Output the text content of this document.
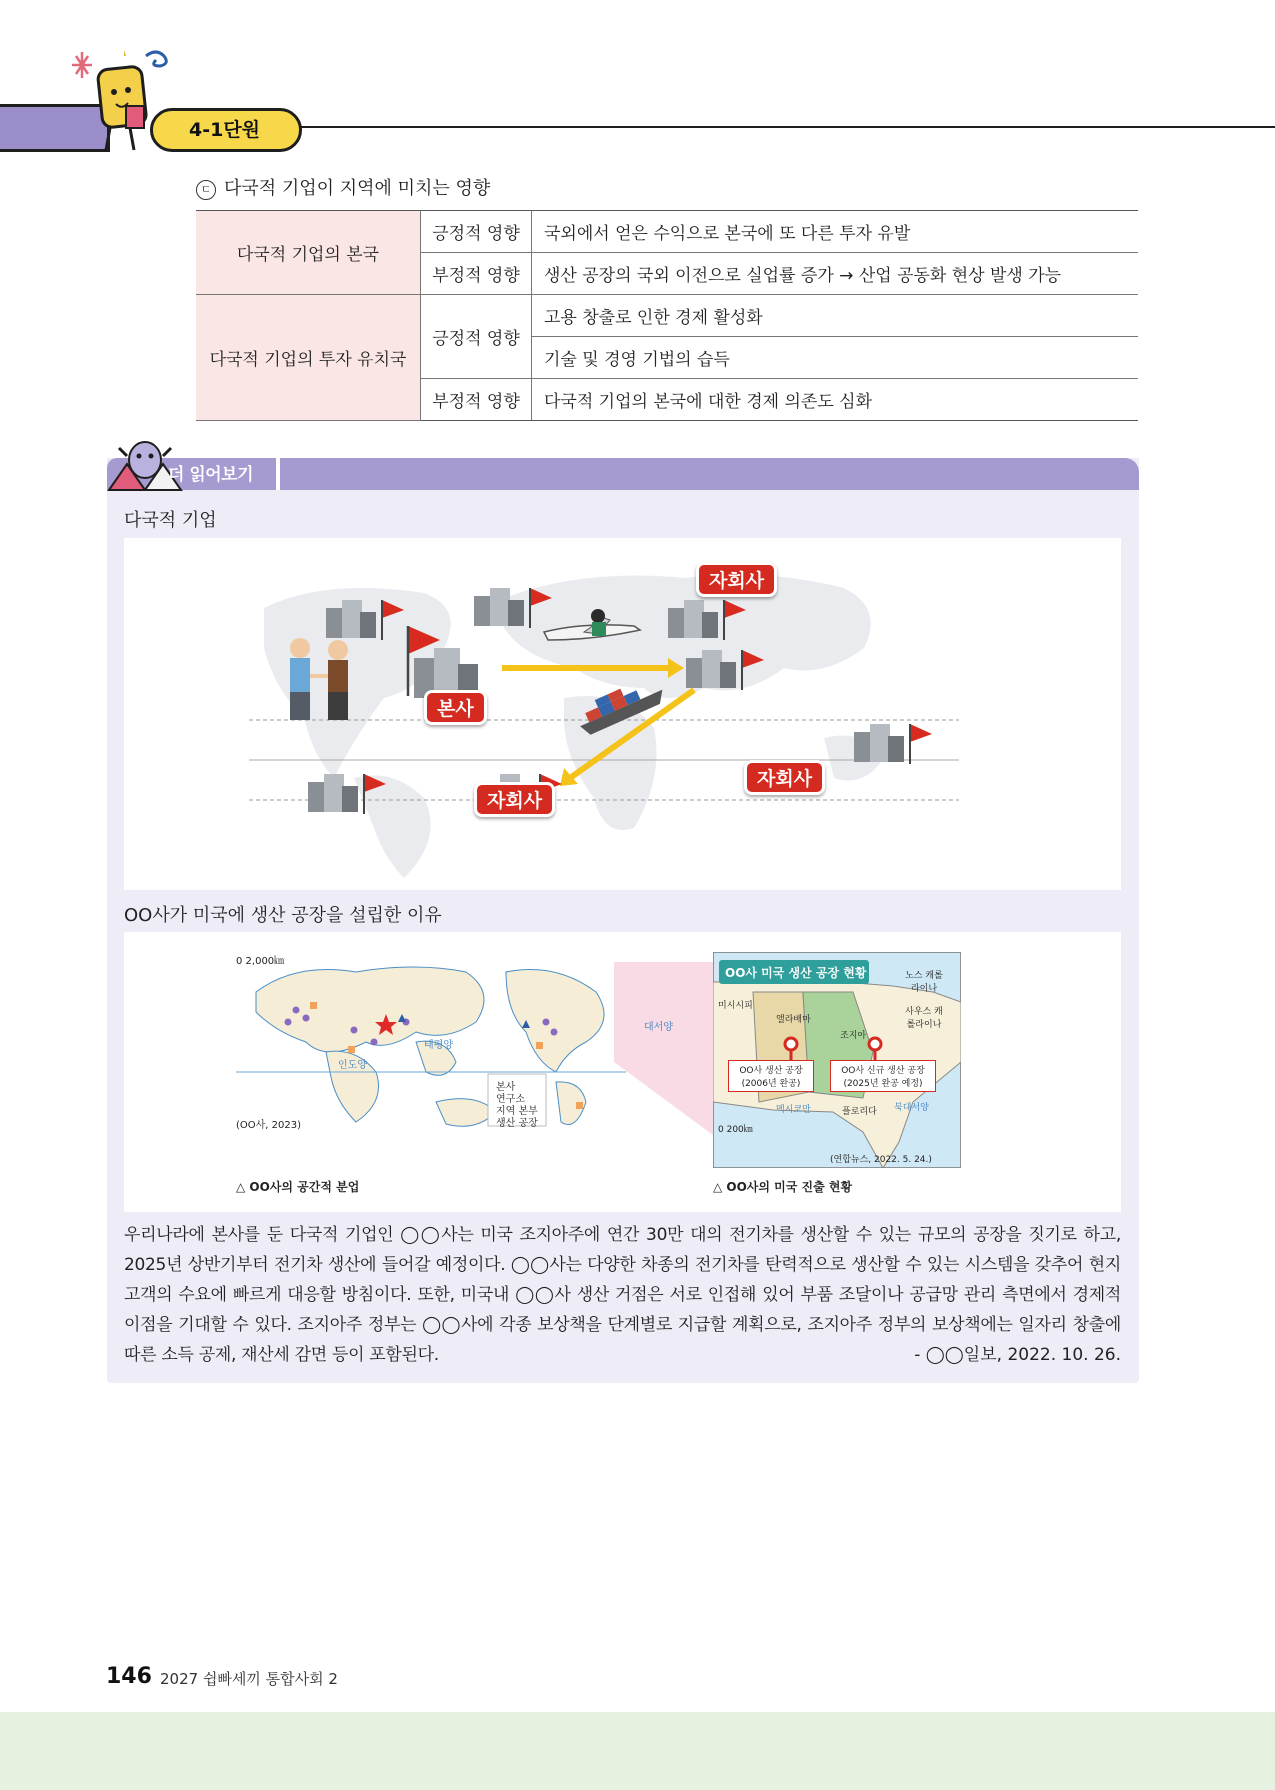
4-1단원
ㄷ 다국적 기업이 지역에 미치는 영향
다국적 기업의 본국	긍정적 영향	국외에서 얻은 수익으로 본국에 또 다른 투자 유발
	부정적 영향	생산 공장의 국외 이전으로 실업률 증가 → 산업 공동화 현상 발생 가능
다국적 기업의 투자 유치국	긍정적 영향	고용 창출로 인한 경제 활성화
		기술 및 경영 기법의 습득
	부정적 영향	다국적 기업의 본국에 대한 경제 의존도 심화
더 읽어보기
다국적 기업
본사
자회사
자회사
자회사
OO사가 미국에 생산 공장을 설립한 이유
0 2,000㎞
태평양
대서양
인도양
본사
연구소
지역 본부
생산 공장
(OO사, 2023)
△ OO사의 공간적 분업
OO사 미국 생산 공장 현황	노스 캐롤라이나
미시시피
앨라배마
조지아
사우스 캐롤라이나
플로리다
OO사 생산 공장 (2006년 완공)
OO사 신규 생산 공장 (2025년 완공 예정)
멕시코만	북대서양
0 200㎞
(연합뉴스, 2022. 5. 24.)
△ OO사의 미국 진출 현황
우리나라에 본사를 둔 다국적 기업인 ◯◯사는 미국 조지아주에 연간 30만 대의 전기차를 생산할 수 있는 규모의 공장을 짓기로 하고, 2025년 상반기부터 전기차 생산에 들어갈 예정이다. ◯◯사는 다양한 차종의 전기차를 탄력적으로 생산할 수 있는 시스템을 갖추어 현지 고객의 수요에 빠르게 대응할 방침이다. 또한, 미국내 ◯◯사 생산 거점은 서로 인접해 있어 부품 조달이나 공급망 관리 측면에서 경제적 이점을 기대할 수 있다. 조지아주 정부는 ◯◯사에 각종 보상책을 단계별로 지급할 계획으로, 조지아주 정부의 보상책에는 일자리 창출에 따른 소득 공제, 재산세 감면 등이 포함된다.	- ◯◯일보, 2022. 10. 26.
146 2027 쉽빠세끼 통합사회 2
